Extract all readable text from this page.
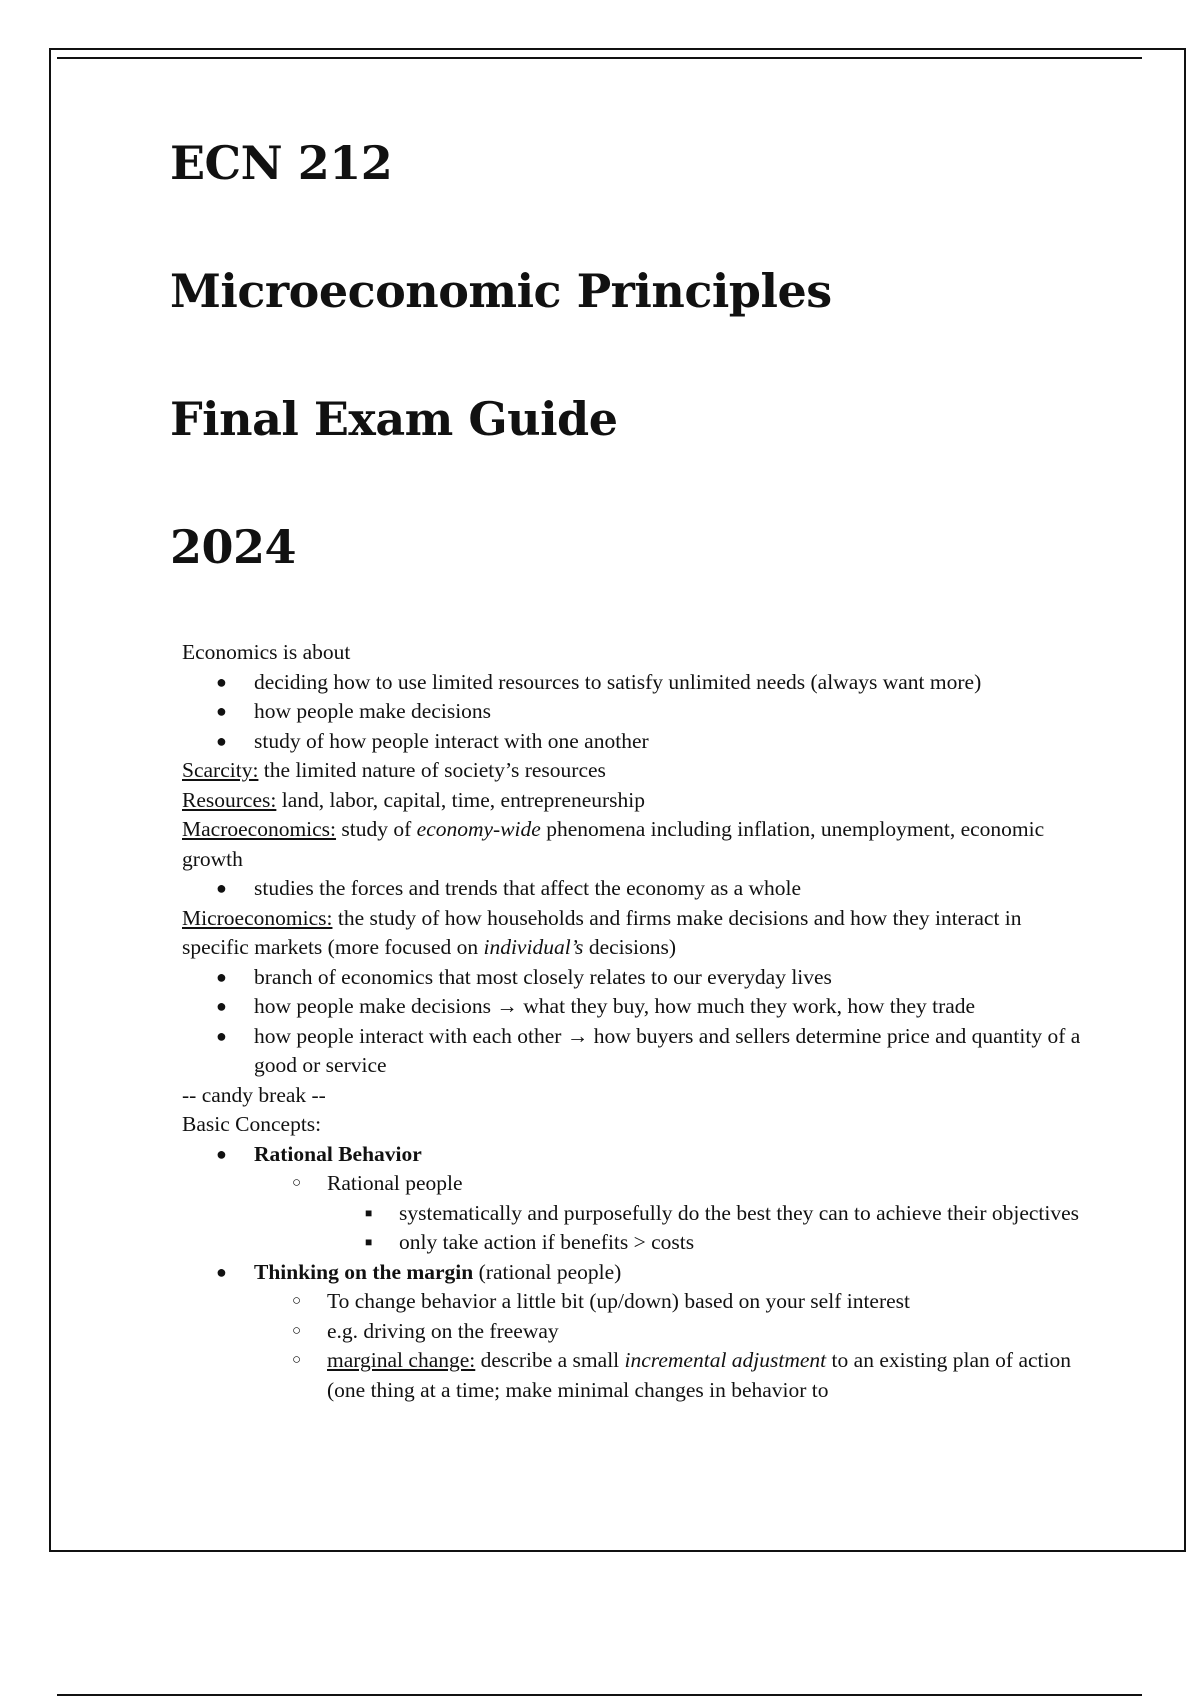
ECN 212
Microeconomic Principles
Final Exam Guide
2024

Economics is about

● deciding how to use limited resources to satisfy unlimited needs (always want more)
● how people make decisions
● study of how people interact with one another

Scarcity: the limited nature of society’s resources

Resources: land, labor, capital, time, entrepreneurship

Macroeconomics: study of economy-wide phenomena including inflation, unemployment, economic growth

● studies the forces and trends that affect the economy as a whole

Microeconomics: the study of how households and firms make decisions and how they interact in specific markets (more focused on individual’s decisions)

● branch of economics that most closely relates to our everyday lives
● how people make decisions → what they buy, how much they work, how they trade
● how people interact with each other → how buyers and sellers determine price and quantity of a good or service

-- candy break --

Basic Concepts:

● Rational Behavior
○ Rational people
■ systematically and purposefully do the best they can to achieve their objectives
■ only take action if benefits > costs
● Thinking on the margin (rational people)
○ To change behavior a little bit (up/down) based on your self interest
○ e.g. driving on the freeway
○ marginal change: describe a small incremental adjustment to an existing plan of action (one thing at a time; make minimal changes in behavior to
